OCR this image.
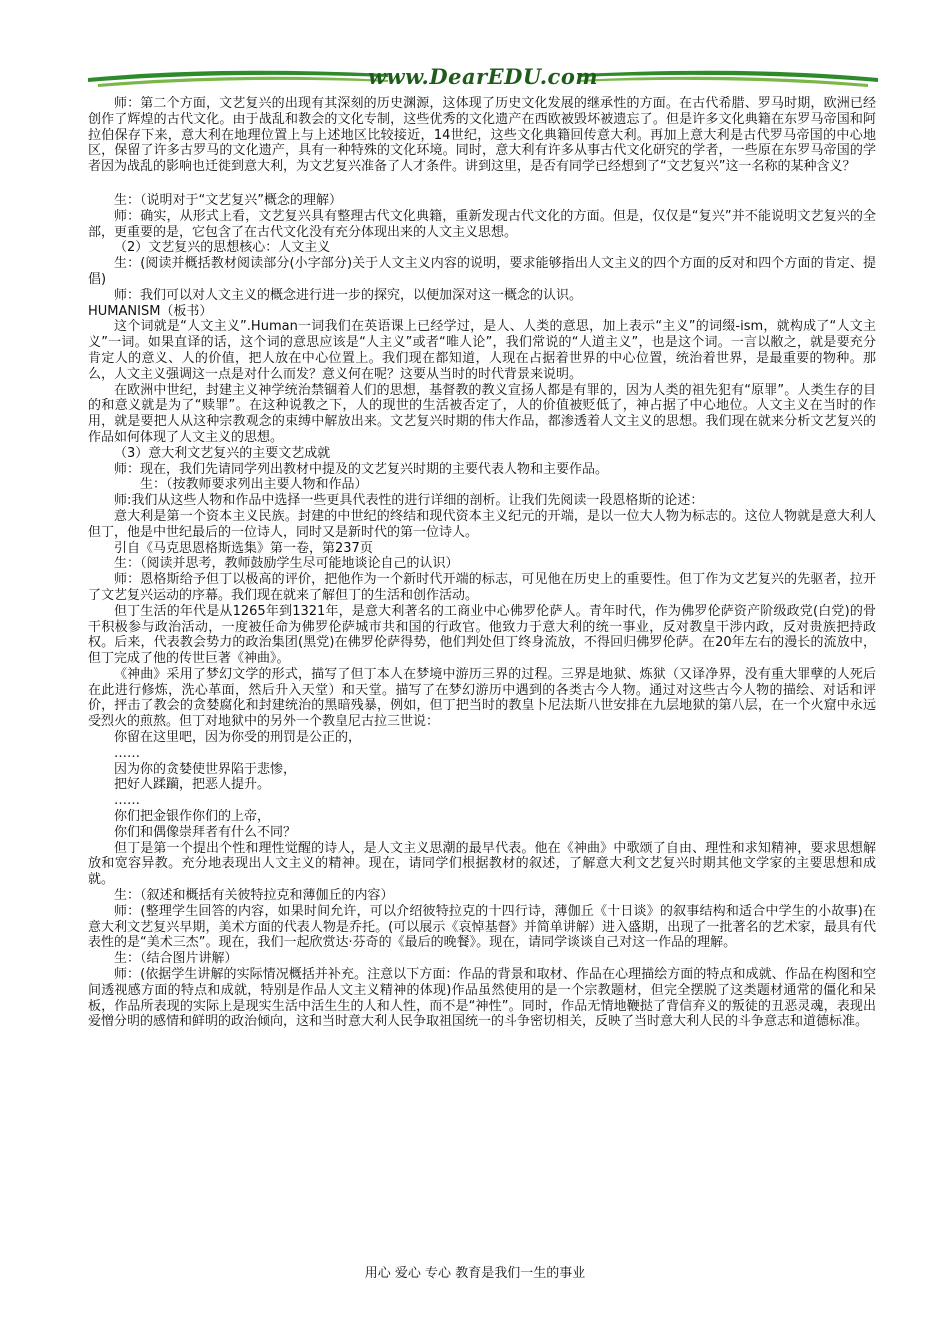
www.DearEDU.com

师：第二个方面，文艺复兴的出现有其深刻的历史渊源，这体现了历史文化发展的继承性的方面。在古代希腊、罗马时期，欧洲已经创作了辉煌的古代文化。由于战乱和教会的文化专制，这些优秀的文化遗产在西欧被毁坏被遗忘了。但是许多文化典籍在东罗马帝国和阿拉伯保存下来，意大利在地理位置上与上述地区比较接近，14世纪，这些文化典籍回传意大利。再加上意大利是古代罗马帝国的中心地区，保留了许多古罗马的文化遗产，具有一种特殊的文化环境。同时，意大利有许多从事古代文化研究的学者，一些原在东罗马帝国的学者因为战乱的影响也迁徙到意大利，为文艺复兴准备了人才条件。讲到这里，是否有同学已经想到了“文艺复兴”这一名称的某种含义？

生：（说明对于“文艺复兴”概念的理解）

师：确实，从形式上看，文艺复兴具有整理古代文化典籍，重新发现古代文化的方面。但是，仅仅是“复兴”并不能说明文艺复兴的全部，更重要的是，它包含了在古代文化没有充分体现出来的人文主义思想。

（2）文艺复兴的思想核心：人文主义

生：(阅读并概括教材阅读部分(小字部分)关于人文主义内容的说明，要求能够指出人文主义的四个方面的反对和四个方面的肯定、提倡)

师：我们可以对人文主义的概念进行进一步的探究，以便加深对这一概念的认识。

HUMANISM（板书）

这个词就是“人文主义”.Human一词我们在英语课上已经学过，是人、人类的意思，加上表示“主义”的词缀-ism，就构成了“人文主义”一词。如果直译的话，这个词的意思应该是“人主义”或者“唯人论”，我们常说的“人道主义”，也是这个词。一言以敝之，就是要充分肯定人的意义、人的价值，把人放在中心位置上。我们现在都知道，人现在占据着世界的中心位置，统治着世界，是最重要的物种。那么，人文主义强调这一点是对什么而发？意义何在呢？这要从当时的时代背景来说明。

在欧洲中世纪，封建主义神学统治禁锢着人们的思想，基督教的教义宣扬人都是有罪的，因为人类的祖先犯有“原罪”。人类生存的目的和意义就是为了“赎罪”。在这种说教之下，人的现世的生活被否定了，人的价值被贬低了，神占据了中心地位。人文主义在当时的作用，就是要把人从这种宗教观念的束缚中解放出来。文艺复兴时期的伟大作品，都渗透着人文主义的思想。我们现在就来分析文艺复兴的作品如何体现了人文主义的思想。

（3）意大利文艺复兴的主要文艺成就

师：现在，我们先请同学列出教材中提及的文艺复兴时期的主要代表人物和主要作品。

生：（按教师要求列出主要人物和作品）

师:我们从这些人物和作品中选择一些更具代表性的进行详细的剖析。让我们先阅读一段恩格斯的论述：

意大利是第一个资本主义民族。封建的中世纪的终结和现代资本主义纪元的开端，是以一位大人物为标志的。这位人物就是意大利人但丁，他是中世纪最后的一位诗人，同时又是新时代的第一位诗人。

引自《马克思恩格斯选集》第一卷，第237页

生：（阅读并思考，教师鼓励学生尽可能地谈论自己的认识）

师：恩格斯给予但丁以极高的评价，把他作为一个新时代开端的标志，可见他在历史上的重要性。但丁作为文艺复兴的先驱者，拉开了文艺复兴运动的序幕。我们现在就来了解但丁的生活和创作活动。

但丁生活的年代是从1265年到1321年，是意大利著名的工商业中心佛罗伦萨人。青年时代，作为佛罗伦萨资产阶级政党(白党)的骨干积极参与政治活动，一度被任命为佛罗伦萨城市共和国的行政官。他致力于意大利的统一事业，反对教皇干涉内政，反对贵族把持政权。后来，代表教会势力的政治集团(黑党)在佛罗伦萨得势，他们判处但丁终身流放，不得回归佛罗伦萨。在20年左右的漫长的流放中，但丁完成了他的传世巨著《神曲》。

《神曲》采用了梦幻文学的形式，描写了但丁本人在梦境中游历三界的过程。三界是地狱、炼狱（又译净界，没有重大罪孽的人死后在此进行修炼，洗心革面，然后升入天堂）和天堂。描写了在梦幻游历中遇到的各类古今人物。通过对这些古今人物的描绘、对话和评价，抨击了教会的贪婪腐化和封建统治的黑暗残暴，例如，但丁把当时的教皇卜尼法斯八世安排在九层地狱的第八层，在一个火窟中永远受烈火的煎熬。但丁对地狱中的另外一个教皇尼古拉三世说：

你留在这里吧，因为你受的刑罚是公正的，

……

因为你的贪婪使世界陷于悲惨，

把好人蹂躏，把恶人提升。

……

你们把金银作你们的上帝，

你们和偶像崇拜者有什么不同？

但丁是第一个提出个性和理性觉醒的诗人，是人文主义思潮的最早代表。他在《神曲》中歌颂了自由、理性和求知精神，要求思想解放和宽容异教。充分地表现出人文主义的精神。现在，请同学们根据教材的叙述，了解意大利文艺复兴时期其他文学家的主要思想和成就。

生：（叙述和概括有关彼特拉克和薄伽丘的内容）

师：(整理学生回答的内容，如果时间允许，可以介绍彼特拉克的十四行诗，薄伽丘《十日谈》的叙事结构和适合中学生的小故事)在意大利文艺复兴早期，美术方面的代表人物是乔托。(可以展示《哀悼基督》并简单讲解）进入盛期，出现了一批著名的艺术家，最具有代表性的是“美术三杰”。现在，我们一起欣赏达·芬奇的《最后的晚餐》。现在，请同学谈谈自己对这一作品的理解。

生：（结合图片讲解）

师：(依据学生讲解的实际情况概括并补充。注意以下方面：作品的背景和取材、作品在心理描绘方面的特点和成就、作品在构图和空间透视感方面的特点和成就，特别是作品人文主义精神的体现)作品虽然使用的是一个宗教题材，但完全摆脱了这类题材通常的僵化和呆板，作品所表现的实际上是现实生活中活生生的人和人性，而不是“神性”。同时，作品无情地鞭挞了背信弃义的叛徒的丑恶灵魂，表现出爱憎分明的感情和鲜明的政治倾向，这和当时意大利人民争取祖国统一的斗争密切相关，反映了当时意大利人民的斗争意志和道德标准。

用心 爱心 专心 教育是我们一生的事业
